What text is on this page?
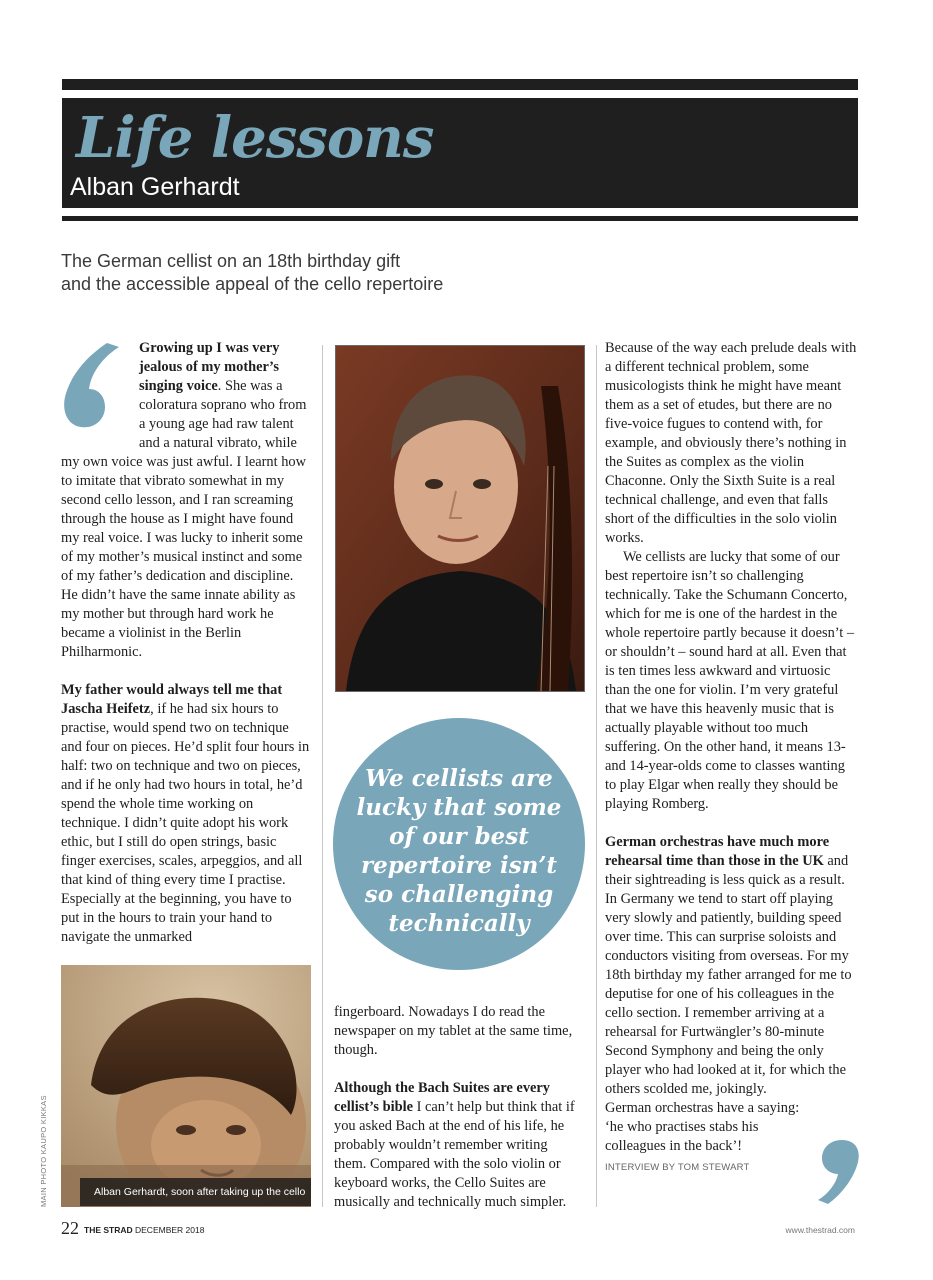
Life lessons
Alban Gerhardt
The German cellist on an 18th birthday gift
and the accessible appeal of the cello repertoire

Growing up I was very jealous of my mother’s singing voice. She was a coloratura soprano who from a young age had raw talent and a natural vibrato, while my own voice was just awful. I learnt how to imitate that vibrato somewhat in my second cello lesson, and I ran screaming through the house as I might have found my real voice. I was lucky to inherit some of my mother’s musical instinct and some of my father’s dedication and discipline. He didn’t have the same innate ability as my mother but through hard work he became a violinist in the Berlin Philharmonic.

My father would always tell me that Jascha Heifetz, if he had six hours to practise, would spend two on technique and four on pieces. He’d split four hours in half: two on technique and two on pieces, and if he only had two hours in total, he’d spend the whole time working on technique. I didn’t quite adopt his work ethic, but I still do open strings, basic finger exercises, scales, arpeggios, and all that kind of thing every time I practise. Especially at the beginning, you have to put in the hours to train your hand to navigate the unmarked

Alban Gerhardt, soon after taking up the cello
MAIN PHOTO KAUPO KIKKAS
We cellists are lucky that some of our best repertoire isn’t so challenging technically

fingerboard. Nowadays I do read the newspaper on my tablet at the same time, though.

Although the Bach Suites are every cellist’s bible I can’t help but think that if you asked Bach at the end of his life, he probably wouldn’t remember writing them. Compared with the solo violin or keyboard works, the Cello Suites are musically and technically much simpler.

Because of the way each prelude deals with a different technical problem, some musicologists think he might have meant them as a set of etudes, but there are no five-voice fugues to contend with, for example, and obviously there’s nothing in the Suites as complex as the violin Chaconne. Only the Sixth Suite is a real technical challenge, and even that falls short of the difficulties in the solo violin works.

We cellists are lucky that some of our best repertoire isn’t so challenging technically. Take the Schumann Concerto, which for me is one of the hardest in the whole repertoire partly because it doesn’t – or shouldn’t – sound hard at all. Even that is ten times less awkward and virtuosic than the one for violin. I’m very grateful that we have this heavenly music that is actually playable without too much suffering. On the other hand, it means 13- and 14-year-olds come to classes wanting to play Elgar when really they should be playing Romberg.

German orchestras have much more rehearsal time than those in the UK and their sightreading is less quick as a result. In Germany we tend to start off playing very slowly and patiently, building speed over time. This can surprise soloists and conductors visiting from overseas. For my 18th birthday my father arranged for me to deputise for one of his colleagues in the cello section. I remember arriving at a rehearsal for Furtwängler’s 80-minute Second Symphony and being the only player who had looked at it, for which the others scolded me, jokingly.

German orchestras have a saying: ‘he who practises stabs his colleagues in the back’!

INTERVIEW BY TOM STEWART
22 THE STRAD DECEMBER 2018	www.thestrad.com
